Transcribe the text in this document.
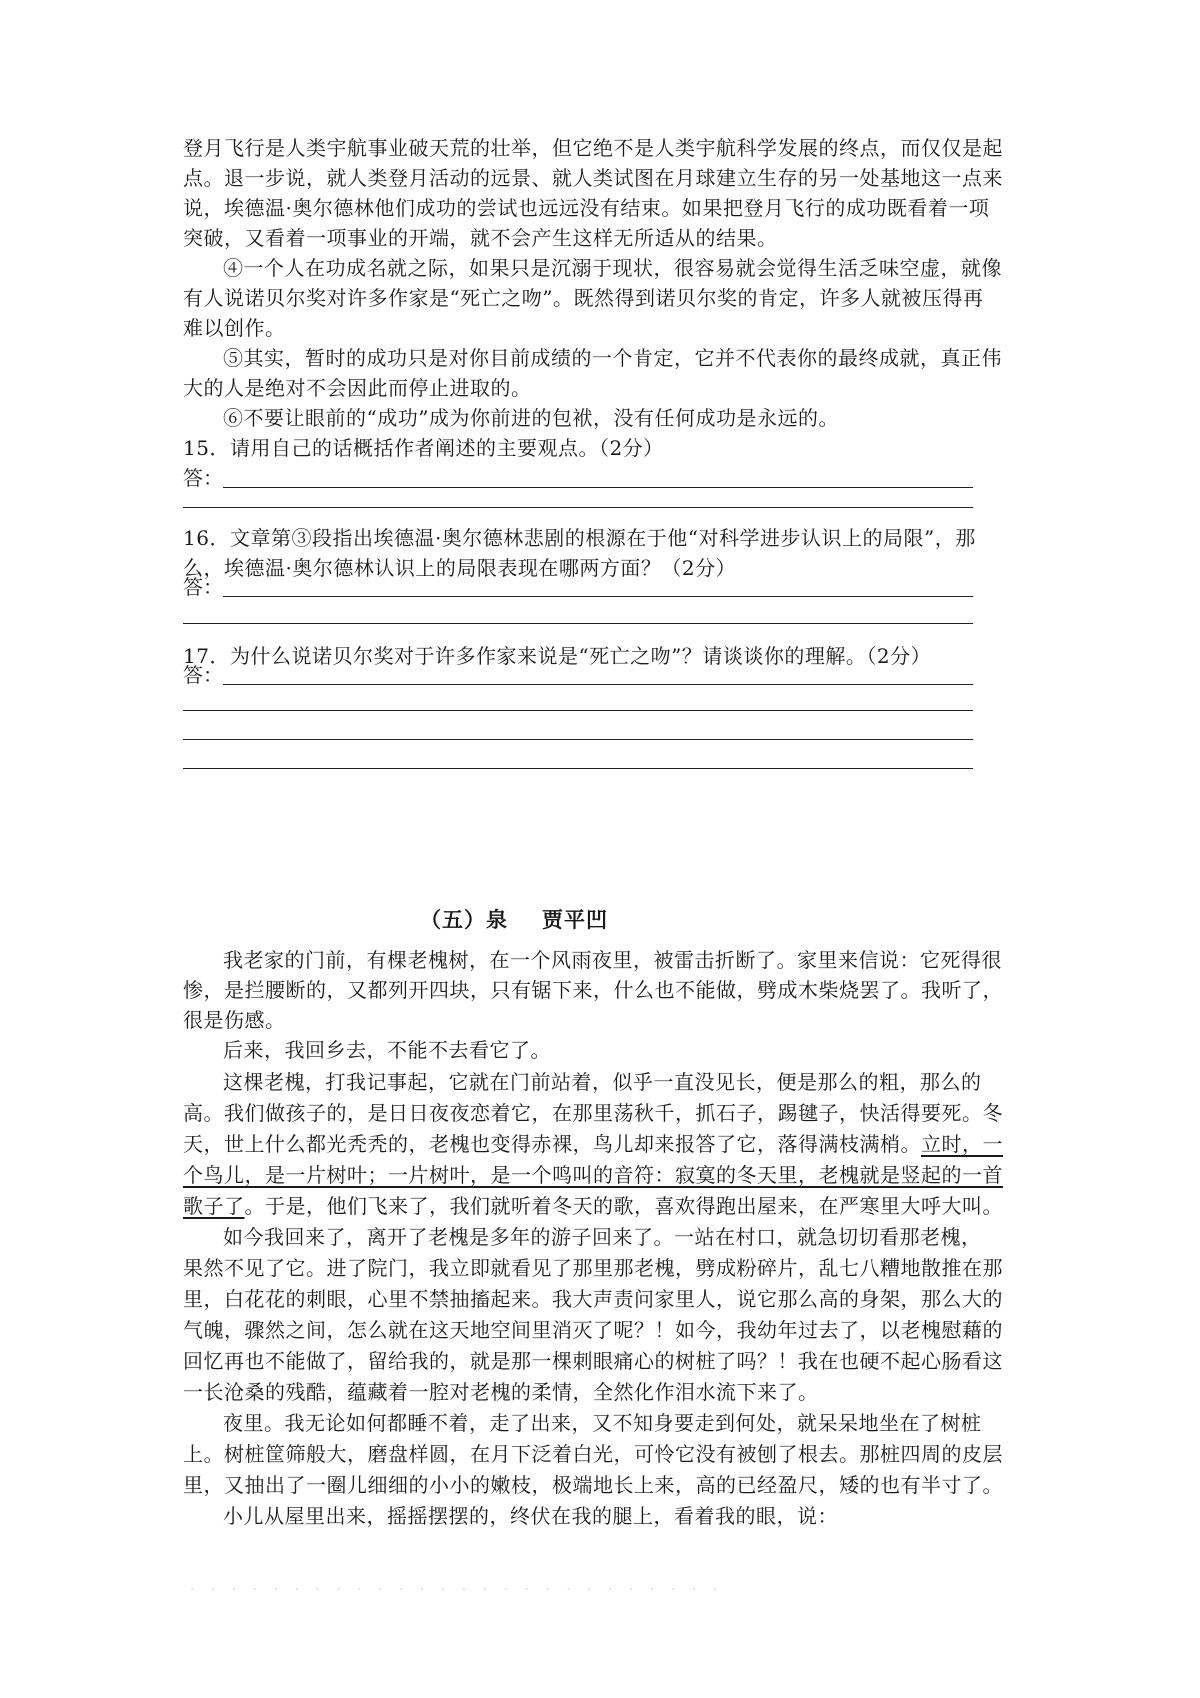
登月飞行是人类宇航事业破天荒的壮举，但它绝不是人类宇航科学发展的终点，而仅仅是起
点。退一步说，就人类登月活动的远景、就人类试图在月球建立生存的另一处基地这一点来
说，埃德温·奥尔德林他们成功的尝试也远远没有结束。如果把登月飞行的成功既看着一项
突破，又看着一项事业的开端，就不会产生这样无所适从的结果。
④一个人在功成名就之际，如果只是沉溺于现状，很容易就会觉得生活乏味空虚，就像
有人说诺贝尔奖对许多作家是“死亡之吻”。既然得到诺贝尔奖的肯定，许多人就被压得再
难以创作。
⑤其实，暂时的成功只是对你目前成绩的一个肯定，它并不代表你的最终成就，真正伟
大的人是绝对不会因此而停止进取的。
⑥不要让眼前的“成功”成为你前进的包袱，没有任何成功是永远的。
15．请用自己的话概括作者阐述的主要观点。（2分）
答：
16．文章第③段指出埃德温·奥尔德林悲剧的根源在于他“对科学进步认识上的局限”，那
么，埃德温·奥尔德林认识上的局限表现在哪两方面？（2分）
答：
17．为什么说诺贝尔奖对于许多作家来说是“死亡之吻”？请谈谈你的理解。（2分）
答：
（五）泉 贾平凹
我老家的门前，有棵老槐树，在一个风雨夜里，被雷击折断了。家里来信说：它死得很
惨，是拦腰断的，又都列开四块，只有锯下来，什么也不能做，劈成木柴烧罢了。我听了，
很是伤感。
后来，我回乡去，不能不去看它了。
这棵老槐，打我记事起，它就在门前站着，似乎一直没见长，便是那么的粗，那么的
高。我们做孩子的，是日日夜夜恋着它，在那里荡秋千，抓石子，踢毽子，快活得要死。冬
天，世上什么都光秃秃的，老槐也变得赤裸，鸟儿却来报答了它，落得满枝满梢。立时，一
个鸟儿，是一片树叶；一片树叶，是一个鸣叫的音符：寂寞的冬天里，老槐就是竖起的一首
歌子了。于是，他们飞来了，我们就听着冬天的歌，喜欢得跑出屋来，在严寒里大呼大叫。
如今我回来了，离开了老槐是多年的游子回来了。一站在村口，就急切切看那老槐，
果然不见了它。进了院门，我立即就看见了那里那老槐，劈成粉碎片，乱七八糟地散推在那
里，白花花的刺眼，心里不禁抽搐起来。我大声责问家里人，说它那么高的身架，那么大的
气魄，骤然之间，怎么就在这天地空间里消灭了呢？！如今，我幼年过去了，以老槐慰藉的
回忆再也不能做了，留给我的，就是那一棵刺眼痛心的树桩了吗？！我在也硬不起心肠看这
一长沧桑的残酷，蕴藏着一腔对老槐的柔情，全然化作泪水流下来了。
夜里。我无论如何都睡不着，走了出来，又不知身要走到何处，就呆呆地坐在了树桩
上。树桩筐筛般大，磨盘样圆，在月下泛着白光，可怜它没有被刨了根去。那桩四周的皮层
里，又抽出了一圈儿细细的小小的嫩枝，极端地长上来，高的已经盈尺，矮的也有半寸了。
小儿从屋里出来，摇摇摆摆的，终伏在我的腿上，看着我的眼，说：
· · · · · · · · · · · · · · · · · · · · · · · · · ·
